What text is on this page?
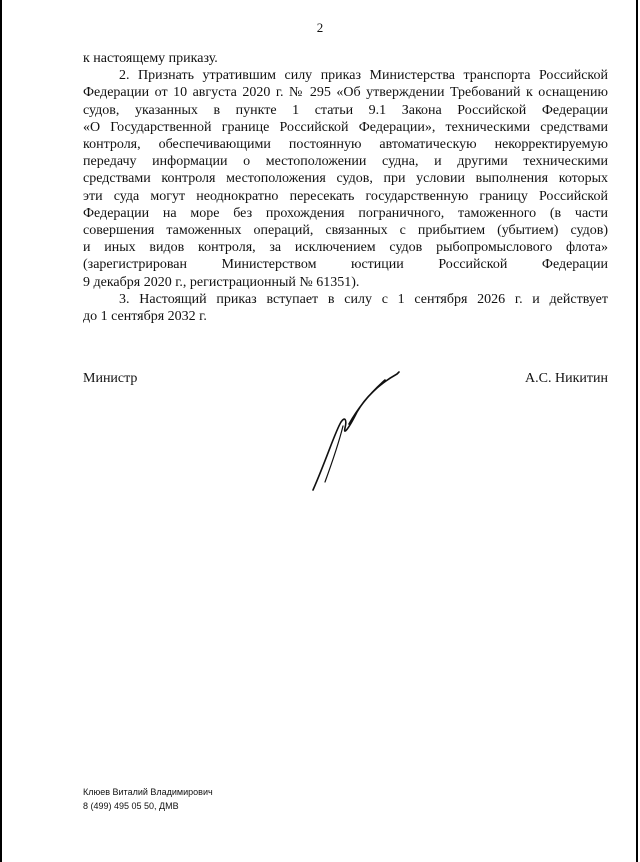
2

к настоящему приказу.

2. Признать утратившим силу приказ Министерства транспорта Российской
Федерации от 10 августа 2020 г. № 295 «Об утверждении Требований к оснащению
судов, указанных в пункте 1 статьи 9.1 Закона Российской Федерации
«О Государственной границе Российской Федерации», техническими средствами
контроля, обеспечивающими постоянную автоматическую некорректируемую
передачу информации о местоположении судна, и другими техническими
средствами контроля местоположения судов, при условии выполнения которых
эти суда могут неоднократно пересекать государственную границу Российской
Федерации на море без прохождения пограничного, таможенного (в части
совершения таможенных операций, связанных с прибытием (убытием) судов)
и иных видов контроля, за исключением судов рыбопромыслового флота»
(зарегистрирован Министерством юстиции Российской Федерации
9 декабря 2020 г., регистрационный № 61351).

3. Настоящий приказ вступает в силу с 1 сентября 2026 г. и действует
до 1 сентября 2032 г.

Министр	А.С. Никитин
Клюев Виталий Владимирович
8 (499) 495 05 50, ДМВ
